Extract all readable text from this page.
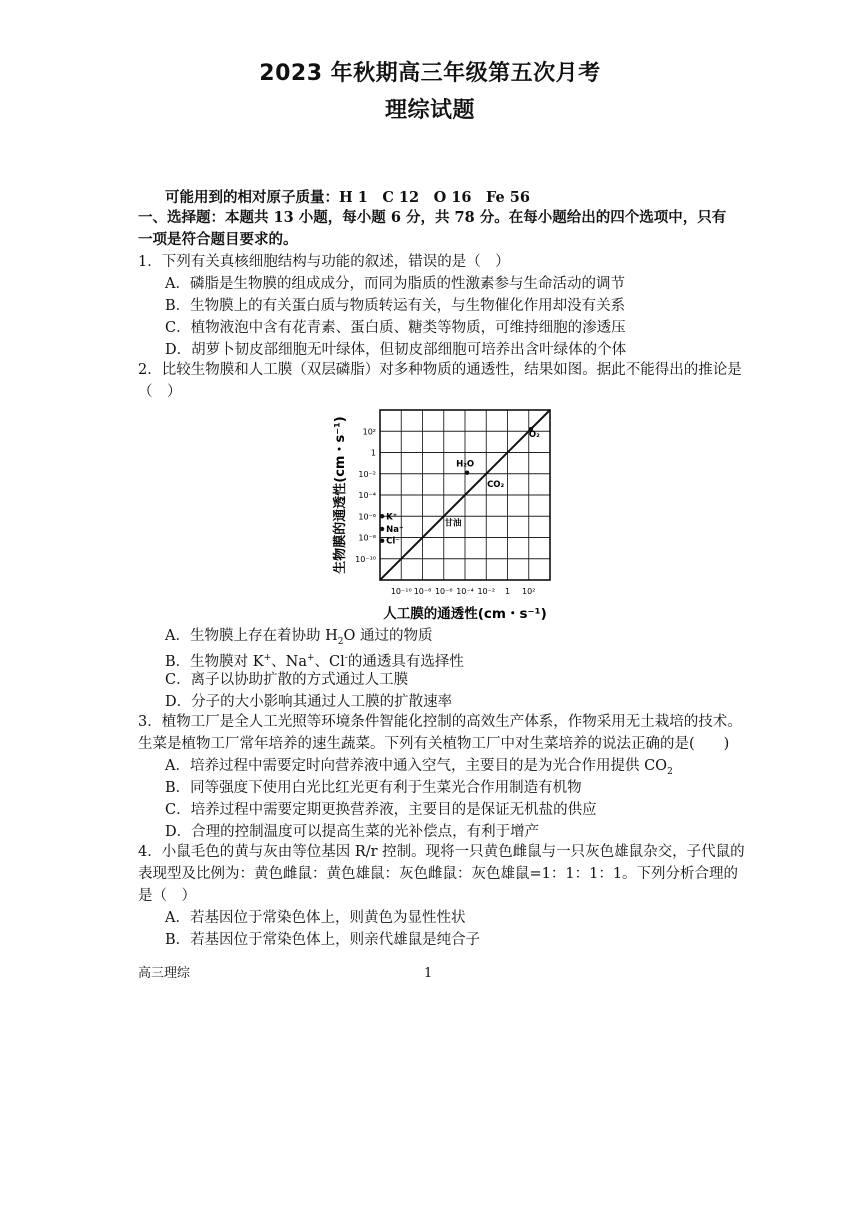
2023 年秋期高三年级第五次月考
理综试题
可能用到的相对原子质量：H 1　C 12　O 16　Fe 56
一、选择题：本题共 13 小题，每小题 6 分，共 78 分。在每小题给出的四个选项中，只有
一项是符合题目要求的。
1．下列有关真核细胞结构与功能的叙述，错误的是（　）
A．磷脂是生物膜的组成成分，而同为脂质的性激素参与生命活动的调节
B．生物膜上的有关蛋白质与物质转运有关，与生物催化作用却没有关系
C．植物液泡中含有花青素、蛋白质、糖类等物质，可维持细胞的渗透压
D．胡萝卜韧皮部细胞无叶绿体，但韧皮部细胞可培养出含叶绿体的个体
2．比较生物膜和人工膜（双层磷脂）对多种物质的通透性，结果如图。据此不能得出的推论是
（　）
10²
1
10⁻²
10⁻⁴
10⁻⁶
10⁻⁸
10⁻¹⁰
10⁻¹⁰ 10⁻⁸ 10⁻⁶ 10⁻⁴ 10⁻² 1 10²
K⁺
Na⁺
Cl⁻
甘油
H₂O
CO₂
O₂
生物膜的通透性(cm・s⁻¹)
人工膜的通透性(cm・s⁻¹)
A．生物膜上存在着协助 $H_2O$ 通过的物质
B．生物膜对 K+、Na+、Cl-的通透具有选择性
C．离子以协助扩散的方式通过人工膜
D．分子的大小影响其通过人工膜的扩散速率
3．植物工厂是全人工光照等环境条件智能化控制的高效生产体系，作物采用无土栽培的技术。
生菜是植物工厂常年培养的速生蔬菜。下列有关植物工厂中对生菜培养的说法正确的是(　　)
A．培养过程中需要定时向营养液中通入空气，主要目的是为光合作用提供 $CO_2$
B．同等强度下使用白光比红光更有利于生菜光合作用制造有机物
C．培养过程中需要定期更换营养液，主要目的是保证无机盐的供应
D．合理的控制温度可以提高生菜的光补偿点，有利于增产
4．小鼠毛色的黄与灰由等位基因 R/r 控制。现将一只黄色雌鼠与一只灰色雄鼠杂交，子代鼠的
表现型及比例为：黄色雌鼠：黄色雄鼠：灰色雌鼠：灰色雄鼠=1：1：1：1。下列分析合理的
是（　）
A．若基因位于常染色体上，则黄色为显性性状
B．若基因位于常染色体上，则亲代雄鼠是纯合子
高三理综	1
